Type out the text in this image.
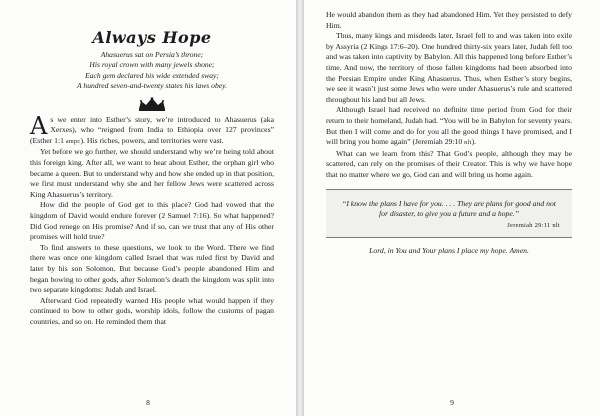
Always Hope

Ahasuerus sat on Persia’s throne;

His royal crown with many jewels shone;

Each gem declared his wide extended sway;

A hundred seven-and-twenty states his laws obey.

As we enter into Esther’s story, we’re introduced to Ahasuerus (aka Xerxes), who “reigned from India to Ethiopia over 127 provinces” (Esther 1:1 ampc). His riches, powers, and territories were vast.

Yet before we go further, we should understand why we’re being told about this foreign king. After all, we want to hear about Esther, the orphan girl who became a queen. But to understand why and how she ended up in that position, we first must understand why she and her fellow Jews were scattered across King Ahasuerus’s territory.

How did the people of God get to this place? God had vowed that the kingdom of David would endure forever (2 Samuel 7:16). So what happened? Did God renege on His promise? And if so, can we trust that any of His other promises will hold true?

To find answers to these questions, we look to the Word. There we find there was once one kingdom called Israel that was ruled first by David and later by his son Solomon. But because God’s people abandoned Him and began bowing to other gods, after Solomon’s death the kingdom was split into two separate kingdoms: Judah and Israel.

Afterward God repeatedly warned His people what would happen if they continued to bow to other gods, worship idols, follow the customs of pagan countries, and so on. He reminded them that

8

He would abandon them as they had abandoned Him. Yet they persisted to defy Him.

Thus, many kings and misdeeds later, Israel fell to and was taken into exile by Assyria (2 Kings 17:6–20). One hundred thirty-six years later, Judah fell too and was taken into captivity by Babylon. All this happened long before Esther’s time. And now, the territory of those fallen kingdoms had been absorbed into the Persian Empire under King Ahasuerus. Thus, when Esther’s story begins, we see it wasn’t just some Jews who were under Ahasuerus’s rule and scattered throughout his land but all Jews.

Although Israel had received no definite time period from God for their return to their homeland, Judah had. “You will be in Babylon for seventy years. But then I will come and do for you all the good things I have promised, and I will bring you home again” (Jeremiah 29:10 nlt).

What can we learn from this? That God’s people, although they may be scattered, can rely on the promises of their Creator. This is why we have hope that no matter where we go, God can and will bring us home again.

“I know the plans I have for you. . . . They are plans for good and not for disaster, to give you a future and a hope.”

Jeremiah 29:11 nlt
Lord, in You and Your plans I place my hope. Amen.
9
